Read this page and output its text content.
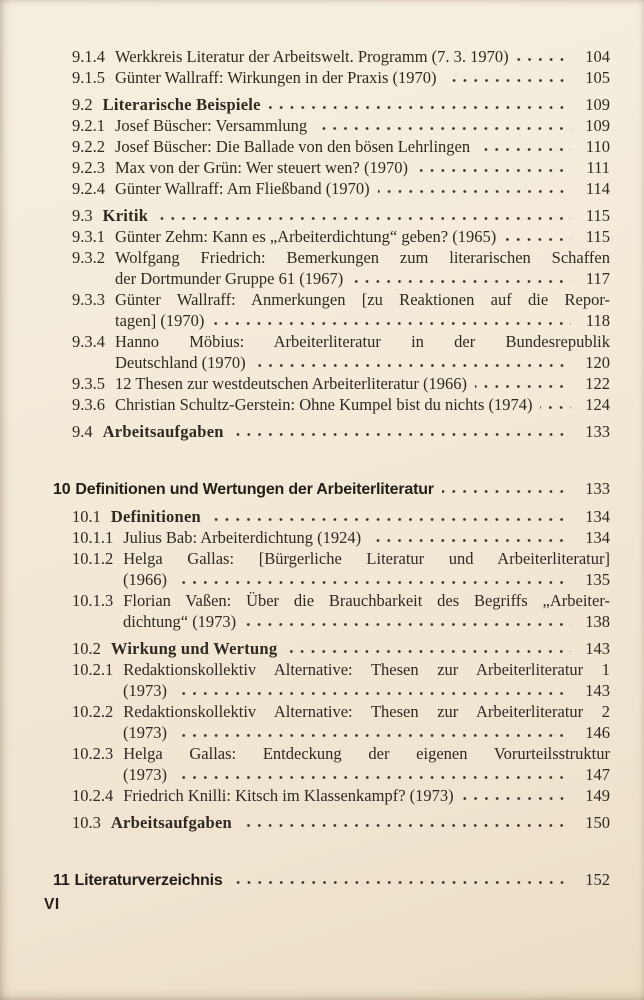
9.1.4 Werkkreis Literatur der Arbeitswelt. Programm (7. 3. 1970)	104
9.1.5 Günter Wallraff: Wirkungen in der Praxis (1970)	105
9.2 Literarische Beispiele	109
9.2.1 Josef Büscher: Versammlung	109
9.2.2 Josef Büscher: Die Ballade von den bösen Lehrlingen	110
9.2.3 Max von der Grün: Wer steuert wen? (1970)	111
9.2.4 Günter Wallraff: Am Fließband (1970)	114
9.3 Kritik	115
9.3.1 Günter Zehm: Kann es „Arbeiterdichtung“ geben? (1965)	115
9.3.2 Wolfgang Friedrich: Bemerkungen zum literarischen Schaffen
der Dortmunder Gruppe 61 (1967)	117
9.3.3 Günter Wallraff: Anmerkungen [zu Reaktionen auf die Repor-
tagen] (1970)	118
9.3.4 Hanno Möbius: Arbeiterliteratur in der Bundesrepublik
Deutschland (1970)	120
9.3.5 12 Thesen zur westdeutschen Arbeiterliteratur (1966)	122
9.3.6 Christian Schultz-Gerstein: Ohne Kumpel bist du nichts (1974)	124
9.4 Arbeitsaufgaben	133
10 Definitionen und Wertungen der Arbeiterliteratur	133
10.1 Definitionen	134
10.1.1 Julius Bab: Arbeiterdichtung (1924)	134
10.1.2 Helga Gallas: [Bürgerliche Literatur und Arbeiterliteratur]
(1966)	135
10.1.3 Florian Vaßen: Über die Brauchbarkeit des Begriffs „Arbeiter-
dichtung“ (1973)	138
10.2 Wirkung und Wertung	143
10.2.1 Redaktionskollektiv Alternative: Thesen zur Arbeiterliteratur 1
(1973)	143
10.2.2 Redaktionskollektiv Alternative: Thesen zur Arbeiterliteratur 2
(1973)	146
10.2.3 Helga Gallas: Entdeckung der eigenen Vorurteilsstruktur
(1973)	147
10.2.4 Friedrich Knilli: Kitsch im Klassenkampf? (1973)	149
10.3 Arbeitsaufgaben	150
11 Literaturverzeichnis	152
VI
